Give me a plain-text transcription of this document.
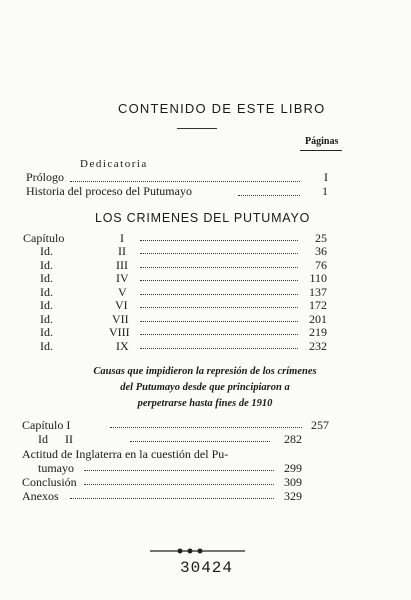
CONTENIDO DE ESTE LIBRO
Páginas
Dedicatoria
Prólogo	I
Historia del proceso del Putumayo	1
LOS CRIMENES DEL PUTUMAYO
Capítulo	I	25
Id.	II	36
Id.	III	76
Id.	IV	110
Id.	V	137
Id.	VI	172
Id.	VII	201
Id.	VIII	219
Id.	IX	232
Causas que impidieron la represión de los crímenes
del Putumayo desde que principiaron a
perpetrarse hasta fines de 1910
Capítulo I	257
Id II	282
Actitud de Inglaterra en la cuestión del Pu-
tumayo	299
Conclusión	309
Anexos	329
30424
